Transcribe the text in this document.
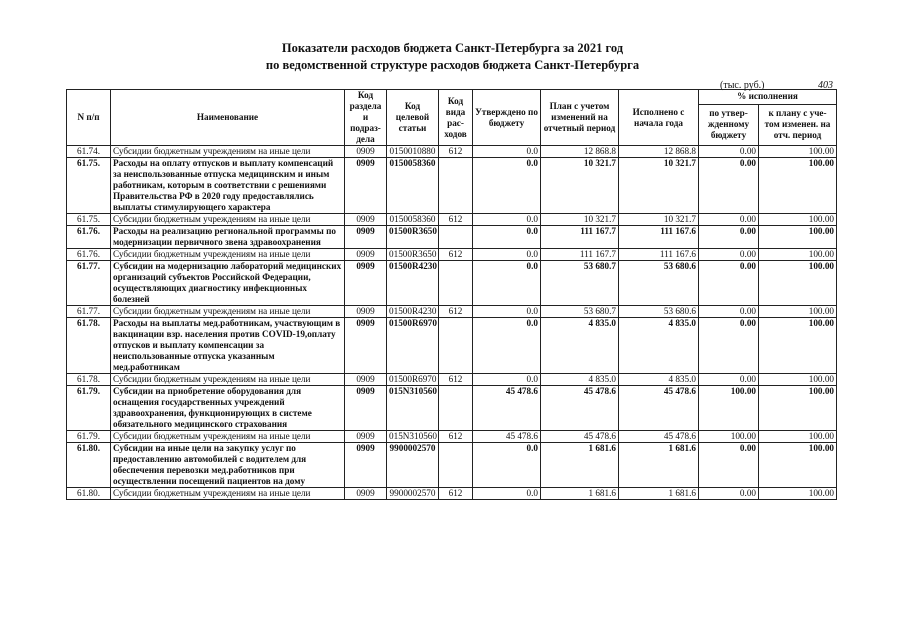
Показатели расходов бюджета Санкт-Петербурга за 2021 год
по ведомственной структуре расходов бюджета Санкт-Петербурга
(тыс. руб.)	403
N п/п	Наименование	Код раздела и подраз-дела	Код целевой статьи	Код вида рас-ходов	Утверждено по бюджету	План с учетом изменений на отчетный период	Исполнено с начала года	% исполнения	
								по утвер-жденному бюджету	к плану с уче-том изменен. на отч. период
61.74.	Субсидии бюджетным учреждениям на иные цели	0909	0150010880	612	0.0	12 868.8	12 868.8	0.00	100.00
61.75.	Расходы на оплату отпусков и выплату компенсаций за неиспользованные отпуска медицинским и иным работникам, которым в соответствии с решениями Правительства РФ в 2020 году предоставлялись выплаты стимулирующего характера	0909	0150058360		0.0	10 321.7	10 321.7	0.00	100.00
61.75.	Субсидии бюджетным учреждениям на иные цели	0909	0150058360	612	0.0	10 321.7	10 321.7	0.00	100.00
61.76.	Расходы на реализацию региональной программы по модернизации первичного звена здравоохранения	0909	01500R3650		0.0	111 167.7	111 167.6	0.00	100.00
61.76.	Субсидии бюджетным учреждениям на иные цели	0909	01500R3650	612	0.0	111 167.7	111 167.6	0.00	100.00
61.77.	Субсидии на модернизацию лабораторий медицинских организаций субъектов Российской Федерации, осуществляющих диагностику инфекционных болезней	0909	01500R4230		0.0	53 680.7	53 680.6	0.00	100.00
61.77.	Субсидии бюджетным учреждениям на иные цели	0909	01500R4230	612	0.0	53 680.7	53 680.6	0.00	100.00
61.78.	Расходы на выплаты мед.работникам, участвующим в вакцинации взр. населения против COVID-19,оплату отпусков и выплату компенсации за неиспользованные отпуска указанным мед.работникам	0909	01500R6970		0.0	4 835.0	4 835.0	0.00	100.00
61.78.	Субсидии бюджетным учреждениям на иные цели	0909	01500R6970	612	0.0	4 835.0	4 835.0	0.00	100.00
61.79.	Субсидии на приобретение оборудования для оснащения государственных учреждений здравоохранения, функционирующих в системе обязательного медицинского страхования	0909	015N310560		45 478.6	45 478.6	45 478.6	100.00	100.00
61.79.	Субсидии бюджетным учреждениям на иные цели	0909	015N310560	612	45 478.6	45 478.6	45 478.6	100.00	100.00
61.80.	Субсидии на иные цели на закупку услуг по предоставлению автомобилей с водителем для обеспечения перевозки мед.работников при осуществлении посещений пациентов на дому	0909	9900002570		0.0	1 681.6	1 681.6	0.00	100.00
61.80.	Субсидии бюджетным учреждениям на иные цели	0909	9900002570	612	0.0	1 681.6	1 681.6	0.00	100.00
